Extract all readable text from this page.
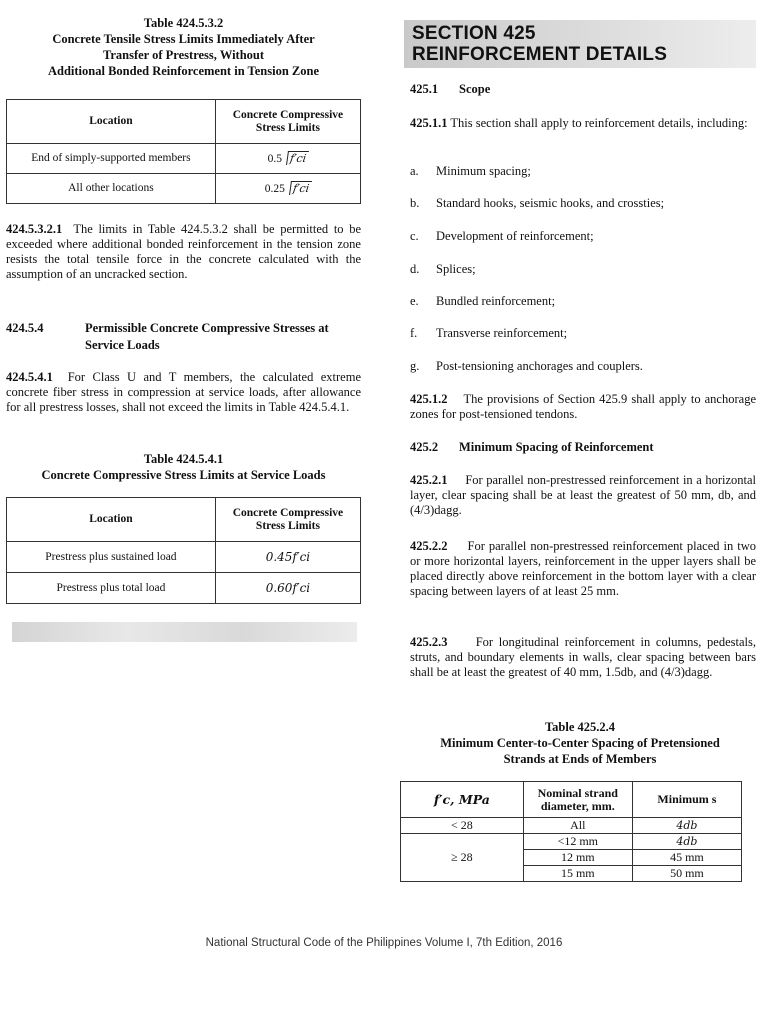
Table 424.5.3.2
Concrete Tensile Stress Limits Immediately After
Transfer of Prestress, Without
Additional Bonded Reinforcement in Tension Zone
Location	Concrete Compressive Stress Limits
End of simply-supported members	0.5 f′ci
All other locations	0.25 f′ci
424.5.3.2.1 The limits in Table 424.5.3.2 shall be permitted to be exceeded where additional bonded reinforcement in the tension zone resists the total tensile force in the concrete calculated with the assumption of an uncracked section.
424.5.4	Permissible Concrete Compressive Stresses at Service Loads
424.5.4.1 For Class U and T members, the calculated extreme concrete fiber stress in compression at service loads, after allowance for all prestress losses, shall not exceed the limits in Table 424.5.4.1.
Table 424.5.4.1
Concrete Compressive Stress Limits at Service Loads
Location	Concrete Compressive Stress Limits
Prestress plus sustained load	0.45f′ci
Prestress plus total load	0.60f′ci
SECTION 425
REINFORCEMENT DETAILS
425.1 Scope
425.1.1 This section shall apply to reinforcement details, including:
a. Minimum spacing;
b. Standard hooks, seismic hooks, and crossties;
c. Development of reinforcement;
d. Splices;
e. Bundled reinforcement;
f. Transverse reinforcement;
g. Post-tensioning anchorages and couplers.
425.1.2 The provisions of Section 425.9 shall apply to anchorage zones for post-tensioned tendons.
425.2 Minimum Spacing of Reinforcement
425.2.1 For parallel non-prestressed reinforcement in a horizontal layer, clear spacing shall be at least the greatest of 50 mm, db, and (4/3)dagg.
425.2.2 For parallel non-prestressed reinforcement placed in two or more horizontal layers, reinforcement in the upper layers shall be placed directly above reinforcement in the bottom layer with a clear spacing between layers of at least 25 mm.
425.2.3 For longitudinal reinforcement in columns, pedestals, struts, and boundary elements in walls, clear spacing between bars shall be at least the greatest of 40 mm, 1.5db, and (4/3)dagg.
Table 425.2.4
Minimum Center-to-Center Spacing of Pretensioned
Strands at Ends of Members
f′c, MPa	Nominal strand diameter, mm.	Minimum s
< 28	All	4db
≥ 28	<12 mm	4db
	12 mm	45 mm
	15 mm	50 mm
National Structural Code of the Philippines Volume I, 7th Edition, 2016
